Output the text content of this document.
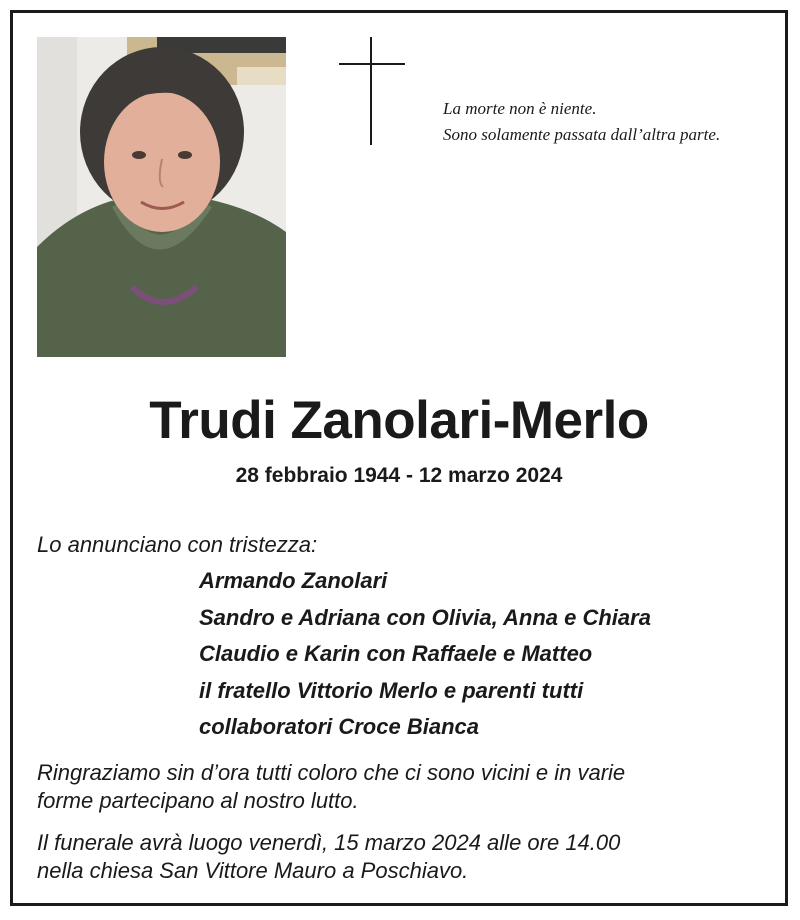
La morte non è niente.
Sono solamente passata dall’altra parte.
Trudi Zanolari-Merlo
28 febbraio 1944 - 12 marzo 2024
Lo annunciano con tristezza:
Armando Zanolari
Sandro e Adriana con Olivia, Anna e Chiara
Claudio e Karin con Raffaele e Matteo
il fratello Vittorio Merlo e parenti tutti
collaboratori Croce Bianca
Ringraziamo sin d’ora tutti coloro che ci sono vicini e in varie
forme partecipano al nostro lutto.
Il funerale avrà luogo venerdì, 15 marzo 2024 alle ore 14.00
nella chiesa San Vittore Mauro a Poschiavo.
